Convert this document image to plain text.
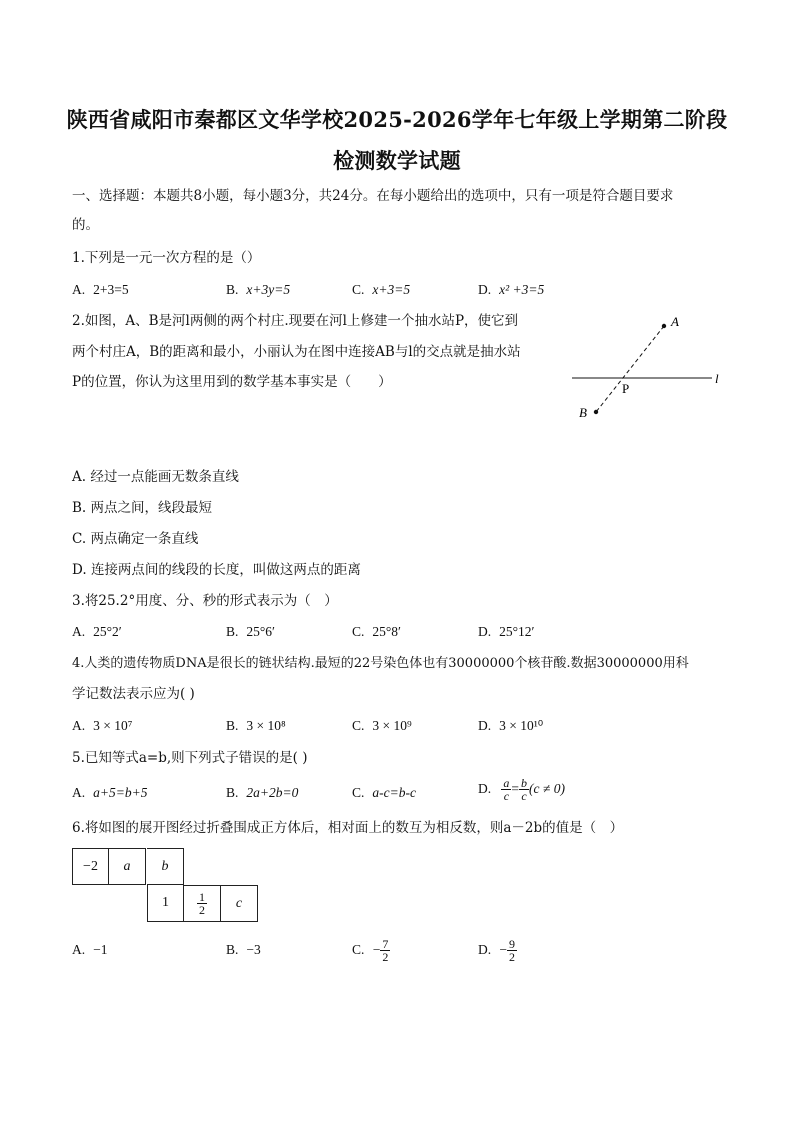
陕西省咸阳市秦都区文华学校2025-2026学年七年级上学期第二阶段
检测数学试题
一、选择题：本题共8小题，每小题3分，共24分。在每小题给出的选项中，只有一项是符合题目要求
的。
1.下列是一元一次方程的是（）
A. 2+3=5	B. x+3y=5	C. x+3=5	D. x² +3=5
2.如图，A、B是河l两侧的两个村庄.现要在河l上修建一个抽水站P，使它到
两个村庄A，B的距离和最小，小丽认为在图中连接AB与l的交点就是抽水站
P的位置，你认为这里用到的数学基本事实是（　　）
A
B
P
l
A. 经过一点能画无数条直线
B. 两点之间，线段最短
C. 两点确定一条直线
D. 连接两点间的线段的长度，叫做这两点的距离
3.将25.2°用度、分、秒的形式表示为（　）
A. 25°2′	B. 25°6′	C. 25°8′	D. 25°12′
4.人类的遗传物质DNA是很长的链状结构.最短的22号染色体也有30000000个核苷酸.数据30000000用科
学记数法表示应为( )
A. 3 × 10⁷	B. 3 × 10⁸	C. 3 × 10⁹	D. 3 × 10¹⁰
5.已知等式a=b,则下列式子错误的是( )
A. a+5=b+5	B. 2a+2b=0	C. a-c=b-c	D. $\frac{a}{c} = \frac{b}{c} (c \ne 0)$
6.将如图的展开图经过折叠围成正方体后，相对面上的数互为相反数，则a－2b的值是（　）
−2	a	b
1	$\frac{1}{2}$	c
A. −1	B. −3	C. − $\frac{7}{2}$	D. − $\frac{9}{2}$
